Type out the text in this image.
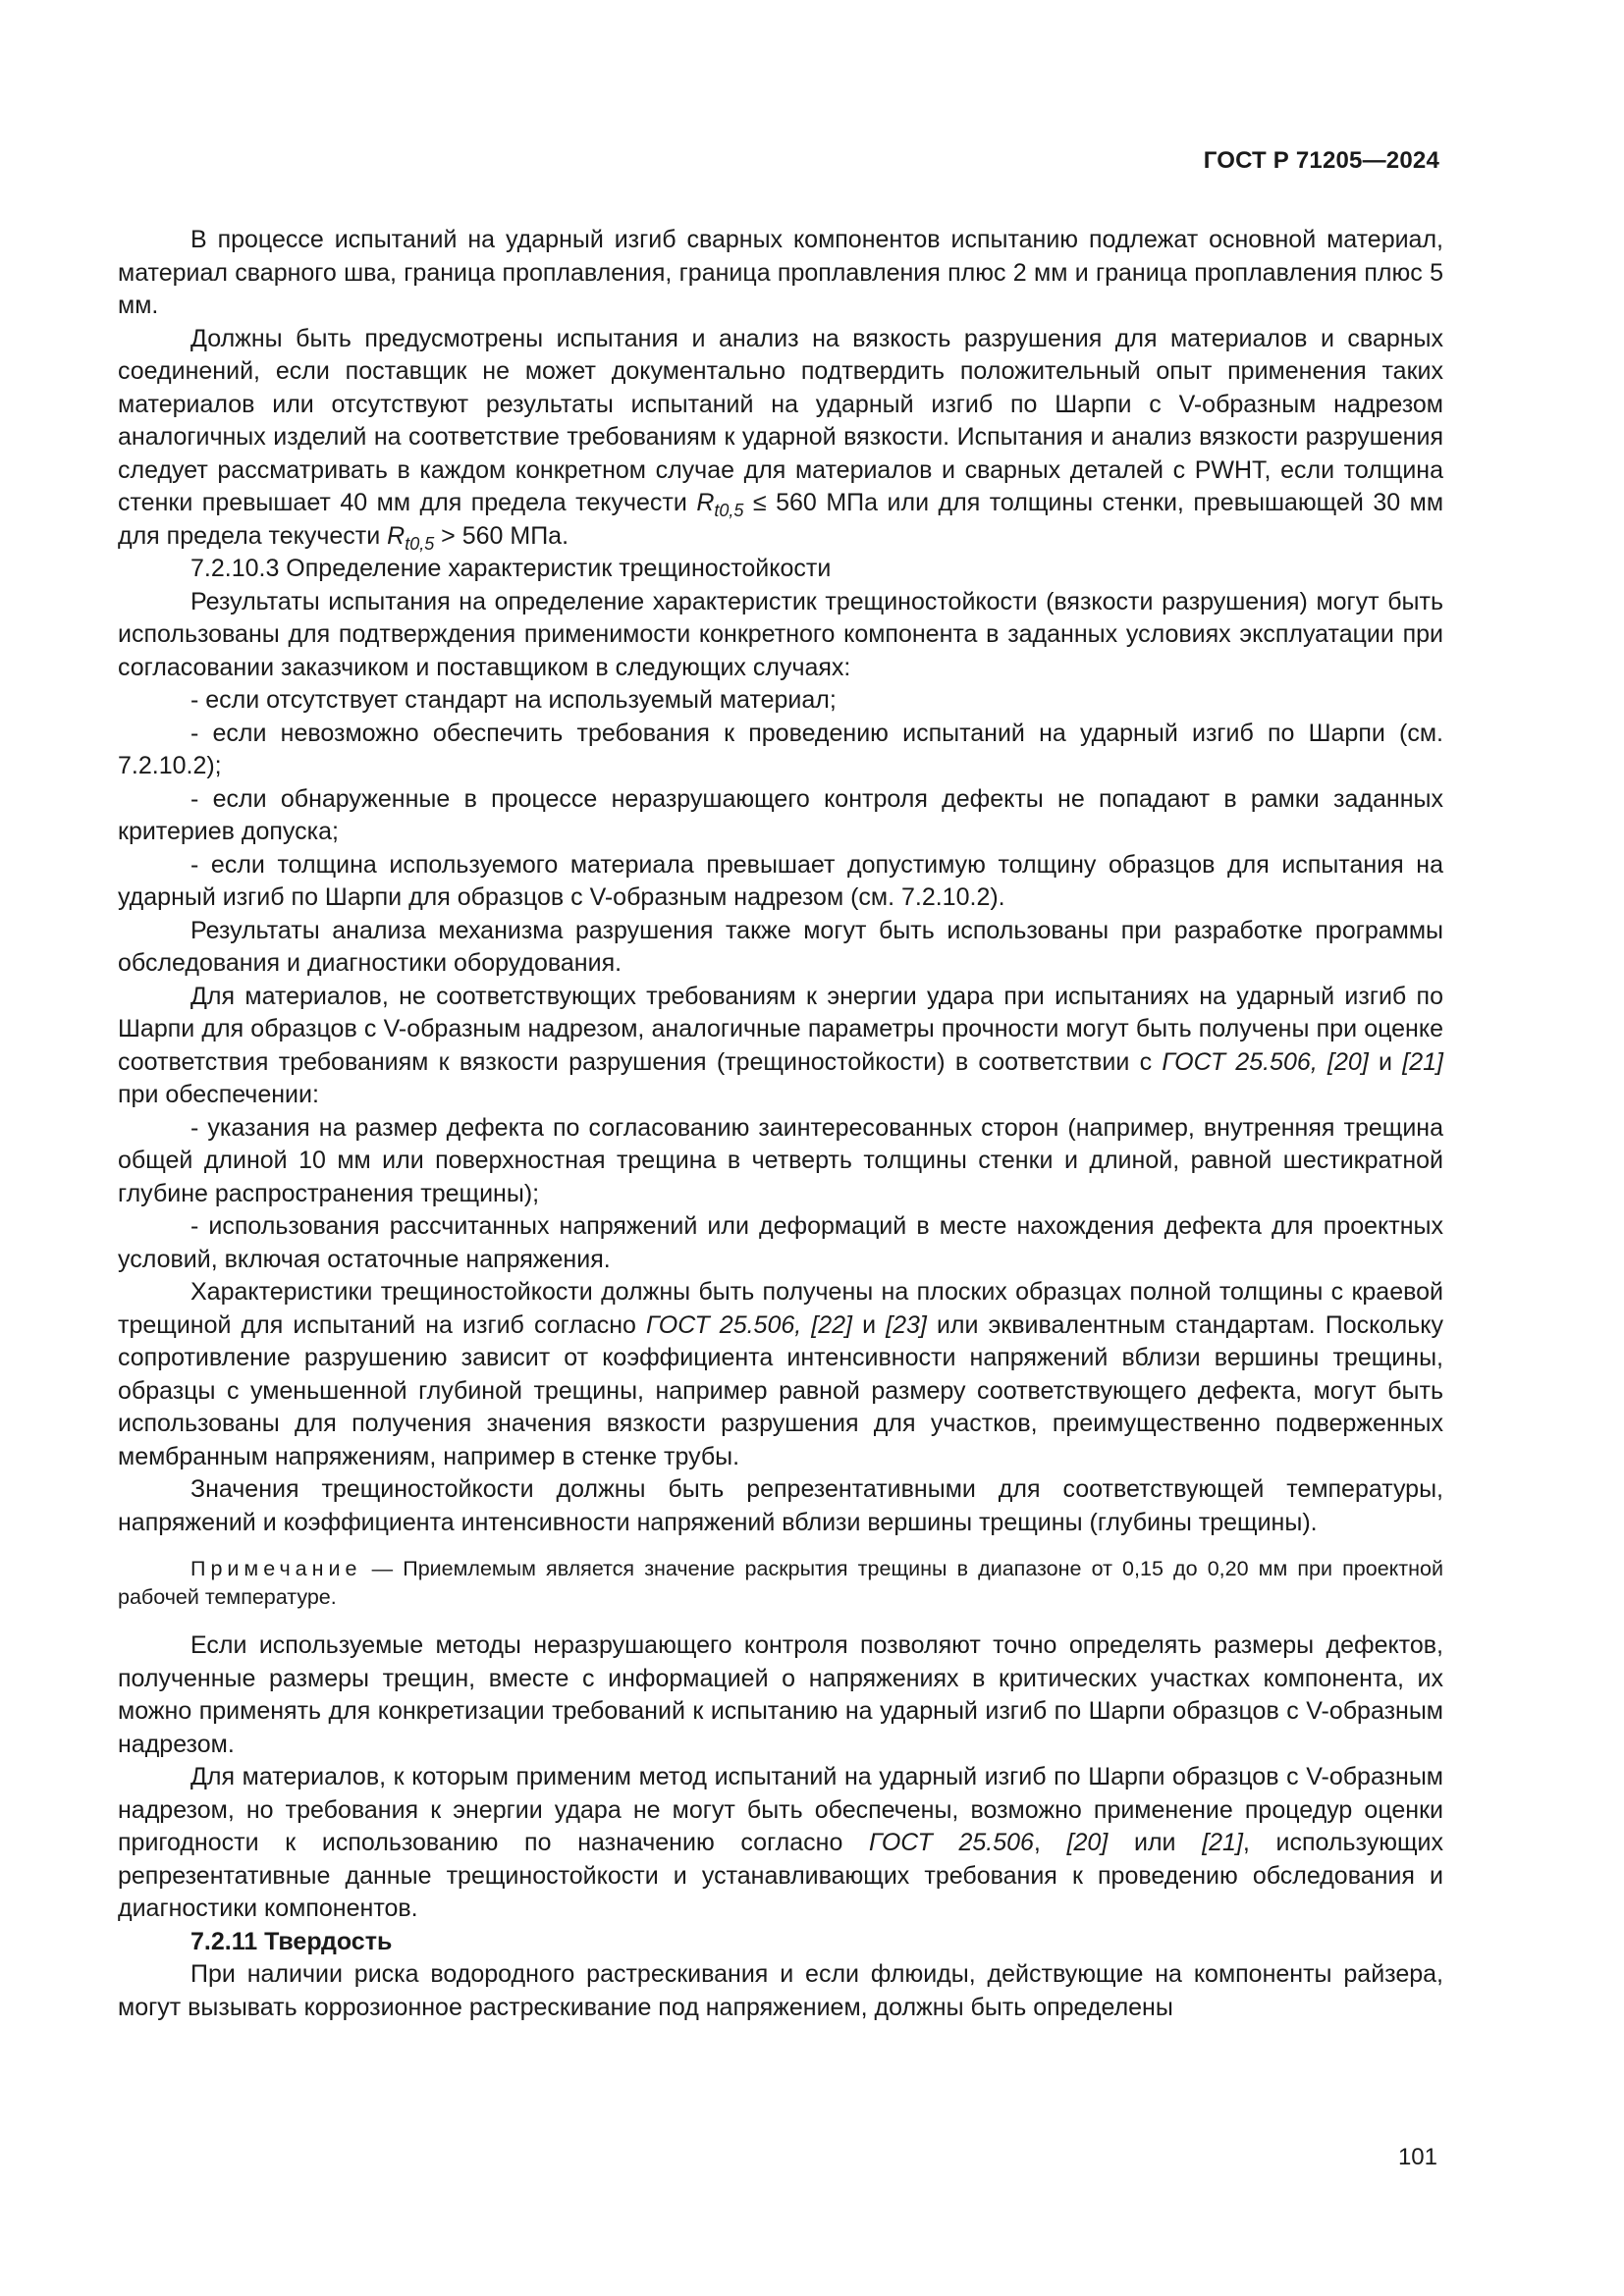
ГОСТ Р 71205—2024

В процессе испытаний на ударный изгиб сварных компонентов испытанию подлежат основной материал, материал сварного шва, граница проплавления, граница проплавления плюс 2 мм и граница проплавления плюс 5 мм.

Должны быть предусмотрены испытания и анализ на вязкость разрушения для материалов и сварных соединений, если поставщик не может документально подтвердить положительный опыт применения таких материалов или отсутствуют результаты испытаний на ударный изгиб по Шарпи с V-образным надрезом аналогичных изделий на соответствие требованиям к ударной вязкости. Испытания и анализ вязкости разрушения следует рассматривать в каждом конкретном случае для материалов и сварных деталей с PWHT, если толщина стенки превышает 40 мм для предела текучести $R_{t0,5} \le 560$ МПа или для толщины стенки, превышающей 30 мм для предела текучести $R_{t0,5} > 560$ МПа.

7.2.10.3 Определение характеристик трещиностойкости

Результаты испытания на определение характеристик трещиностойкости (вязкости разрушения) могут быть использованы для подтверждения применимости конкретного компонента в заданных условиях эксплуатации при согласовании заказчиком и поставщиком в следующих случаях:

- если отсутствует стандарт на используемый материал;

- если невозможно обеспечить требования к проведению испытаний на ударный изгиб по Шарпи (см. 7.2.10.2);

- если обнаруженные в процессе неразрушающего контроля дефекты не попадают в рамки заданных критериев допуска;

- если толщина используемого материала превышает допустимую толщину образцов для испытания на ударный изгиб по Шарпи для образцов с V-образным надрезом (см. 7.2.10.2).

Результаты анализа механизма разрушения также могут быть использованы при разработке программы обследования и диагностики оборудования.

Для материалов, не соответствующих требованиям к энергии удара при испытаниях на ударный изгиб по Шарпи для образцов с V-образным надрезом, аналогичные параметры прочности могут быть получены при оценке соответствия требованиям к вязкости разрушения (трещиностойкости) в соответствии с ГОСТ 25.506, [20] и [21] при обеспечении:

- указания на размер дефекта по согласованию заинтересованных сторон (например, внутренняя трещина общей длиной 10 мм или поверхностная трещина в четверть толщины стенки и длиной, равной шестикратной глубине распространения трещины);

- использования рассчитанных напряжений или деформаций в месте нахождения дефекта для проектных условий, включая остаточные напряжения.

Характеристики трещиностойкости должны быть получены на плоских образцах полной толщины с краевой трещиной для испытаний на изгиб согласно ГОСТ 25.506, [22] и [23] или эквивалентным стандартам. Поскольку сопротивление разрушению зависит от коэффициента интенсивности напряжений вблизи вершины трещины, образцы с уменьшенной глубиной трещины, например равной размеру соответствующего дефекта, могут быть использованы для получения значения вязкости разрушения для участков, преимущественно подверженных мембранным напряжениям, например в стенке трубы.

Значения трещиностойкости должны быть репрезентативными для соответствующей температуры, напряжений и коэффициента интенсивности напряжений вблизи вершины трещины (глубины трещины).

Примечание — Приемлемым является значение раскрытия трещины в диапазоне от 0,15 до 0,20 мм при проектной рабочей температуре.

Если используемые методы неразрушающего контроля позволяют точно определять размеры дефектов, полученные размеры трещин, вместе с информацией о напряжениях в критических участках компонента, их можно применять для конкретизации требований к испытанию на ударный изгиб по Шарпи образцов с V-образным надрезом.

Для материалов, к которым применим метод испытаний на ударный изгиб по Шарпи образцов с V-образным надрезом, но требования к энергии удара не могут быть обеспечены, возможно применение процедур оценки пригодности к использованию по назначению согласно ГОСТ 25.506, [20] или [21], использующих репрезентативные данные трещиностойкости и устанавливающих требования к проведению обследования и диагностики компонентов.

7.2.11 Твердость

При наличии риска водородного растрескивания и если флюиды, действующие на компоненты райзера, могут вызывать коррозионное растрескивание под напряжением, должны быть определены

101
